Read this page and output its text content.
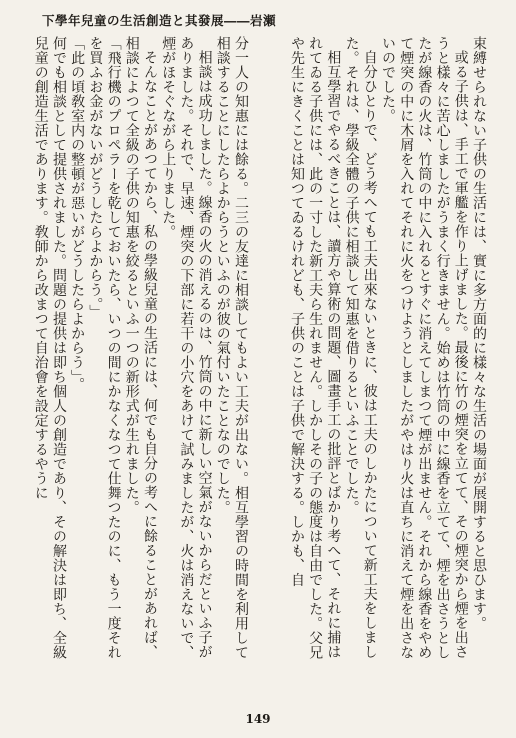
下學年兒童の生活創造と其發展――岩瀬

束縛せられない子供の生活には、實に多方面的に樣々な生活の場面が展開すると思ひます。

或る子供は、手工で軍艦を作り上げました。最後に竹の煙突を立てて、その煙突から煙を出さうと樣々に苦心しましたがうまく行きません。始めは竹筒の中に線香を立てて、煙を出さうとしたが線香の火は、竹筒の中に入れるとすぐに消えてしまつて煙が出ません。それから線香をやめて煙突の中に木屑を入れてそれに火をつけようとしましたがやはり火は直ちに消えて煙を出さないのでした。

自分ひとりで、どう考へても工夫出來ないときに、彼は工夫のしかたについて新工夫をしました。それは、學級全體の子供に相談して知惠を借りるといふことでした。

相互學習でやるべきことは、讀方や算術の問題、圖畫手工の批評とばかり考へて、それに捕はれてゐる子供には、此の一寸した新工夫ら生れません。しかしその子の態度は自由でした。父兄や先生にきくことは知つてゐるけれども、子供のことは子供で解決する。しかも、自

分一人の知惠には餘る。二三の友達に相談してもよい工夫が出ない。相互學習の時間を利用して相談することにしたらよからうといふのが彼の氣付いたことなのでした。

相談は成功しました。線香の火の消えるのは、竹筒の中に新しい空氣がないからだといふ子がありました。それで、早速、煙突の下部に若干の小穴をあけて試みましたが、火は消えないで、煙がほそぐながら上りました。

そんなことがあつてから、私の學級兒童の生活には、何でも自分の考へに餘ることがあれば、相談によつて全級の子供の知惠を絞るといふ一つの新形式が生れました。

「飛行機のプロペラーを乾しておいたら、いつの間にかなくなつて仕舞つたのに、もう一度それを買ふお金がないがどうしたらよからう。」

「此の頃敎室内の整頓が惡いがどうしたらよからう」。

何でも相談として提供されました。問題の提供は即ち個人の創造であり、その解決は即ち、全級兒童の創造生活であります。敎師から改まつて自治會を設定するやうに

149
